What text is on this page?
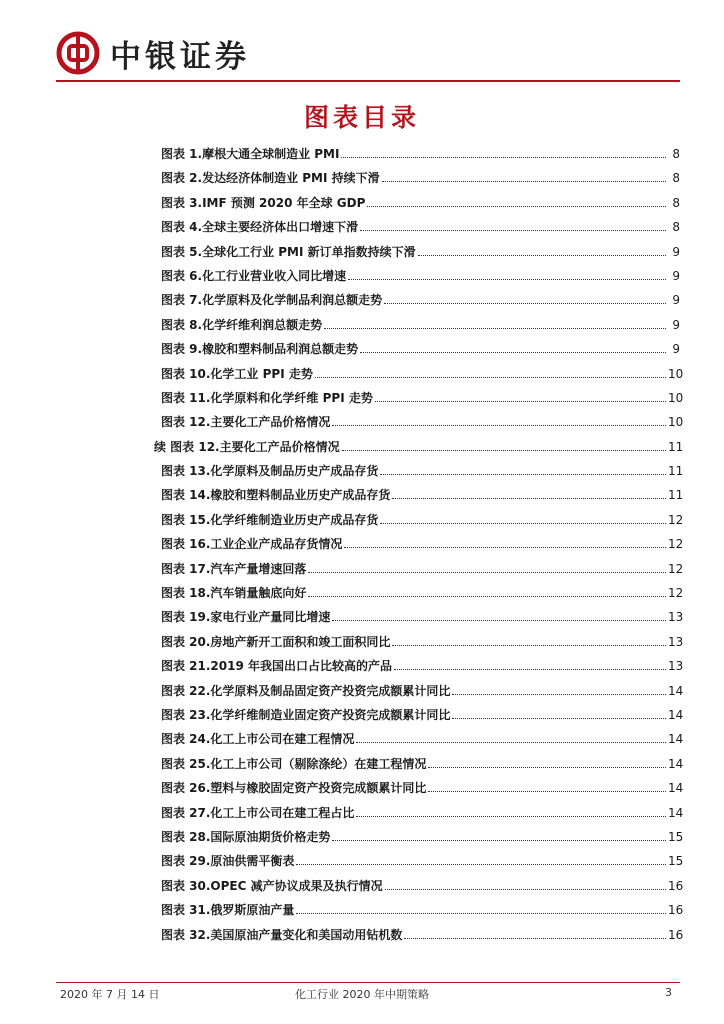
中银证券
图表目录
图表 1.摩根大通全球制造业 PMI	8
图表 2.发达经济体制造业 PMI 持续下滑	8
图表 3.IMF 预测 2020 年全球 GDP	8
图表 4.全球主要经济体出口增速下滑	8
图表 5.全球化工行业 PMI 新订单指数持续下滑	9
图表 6.化工行业营业收入同比增速	9
图表 7.化学原料及化学制品利润总额走势	9
图表 8.化学纤维利润总额走势	9
图表 9.橡胶和塑料制品利润总额走势	9
图表 10.化学工业 PPI 走势	10
图表 11.化学原料和化学纤维 PPI 走势	10
图表 12.主要化工产品价格情况	10
续 图表 12.主要化工产品价格情况	11
图表 13.化学原料及制品历史产成品存货	11
图表 14.橡胶和塑料制品业历史产成品存货	11
图表 15.化学纤维制造业历史产成品存货	12
图表 16.工业企业产成品存货情况	12
图表 17.汽车产量增速回落	12
图表 18.汽车销量触底向好	12
图表 19.家电行业产量同比增速	13
图表 20.房地产新开工面积和竣工面积同比	13
图表 21.2019 年我国出口占比较高的产品	13
图表 22.化学原料及制品固定资产投资完成额累计同比	14
图表 23.化学纤维制造业固定资产投资完成额累计同比	14
图表 24.化工上市公司在建工程情况	14
图表 25.化工上市公司（剔除涤纶）在建工程情况	14
图表 26.塑料与橡胶固定资产投资完成额累计同比	14
图表 27.化工上市公司在建工程占比	14
图表 28.国际原油期货价格走势	15
图表 29.原油供需平衡表	15
图表 30.OPEC 减产协议成果及执行情况	16
图表 31.俄罗斯原油产量	16
图表 32.美国原油产量变化和美国动用钻机数	16
2020 年 7 月 14 日	化工行业 2020 年中期策略	3
